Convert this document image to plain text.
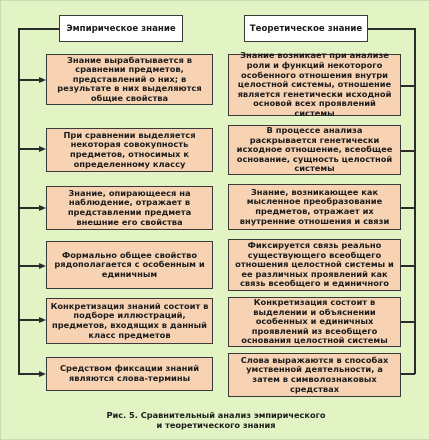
Эмпирическое знание	Теоретическое знание
Знание вырабатывается в сравнении предметов, представлений о них; в результате в них выделяются общие свойства
Знание возникает при анализе роли и функций некоторого особенного отношения внутри целостной системы, отношение является генетически исходной основой всех проявлений системы
При сравнении выделяется некоторая совокупность предметов, относимых к определенному классу
В процессе анализа раскрывается генетически исходное отношение, всеобщее основание, сущность целостной системы
Знание, опирающееся на наблюдение, отражает в представлении предмета внешние его свойства
Знание, возникающее как мысленное преобразование предметов, отражает их внутренние отношения и связи
Формально общее свойство рядополагается с особенным и единичным
Фиксируется связь реально существующего всеобщего отношения целостной системы и ее различных проявлений как связь всеобщего и единичного
Конкретизация знаний состоит в подборе иллюстраций, предметов, входящих в данный класс предметов
Конкретизация состоит в выделении и объяснении особенных и единичных проявлений из всеобщего основания целостной системы
Средством фиксации знаний являются слова-термины
Слова выражаются в способах умственной деятельности, а затем в символознаковых средствах
Рис. 5. Сравнительный анализ эмпирического
и теоретического знания
